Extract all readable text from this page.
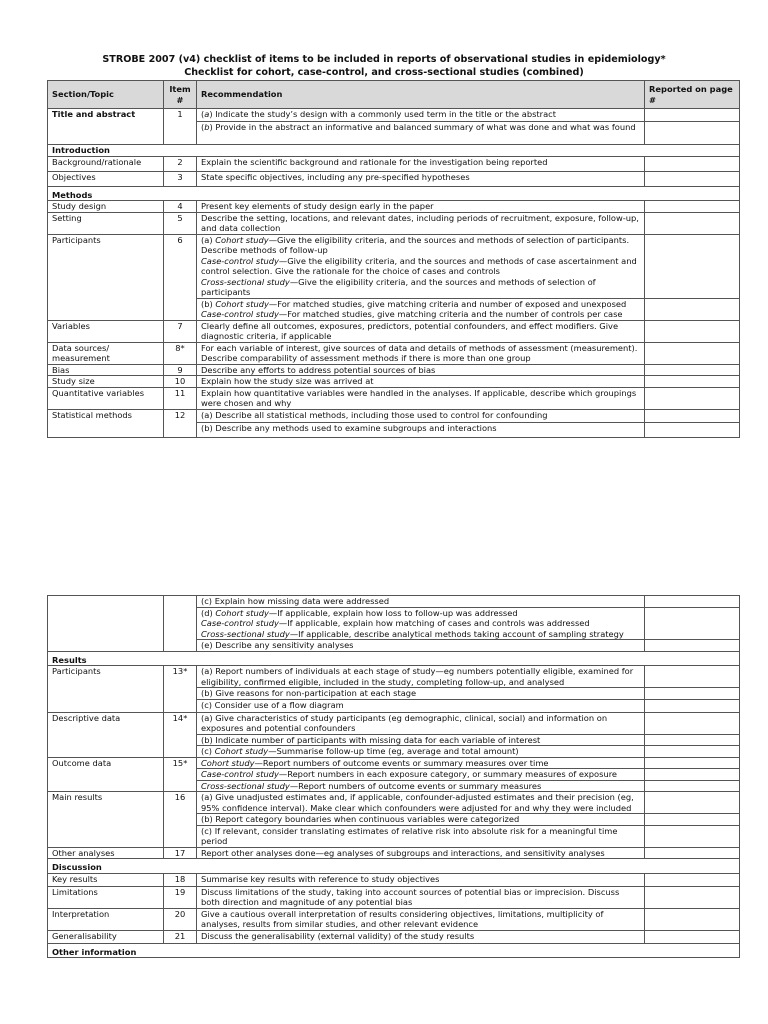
STROBE 2007 (v4) checklist of items to be included in reports of observational studies in epidemiology*
Checklist for cohort, case-control, and cross-sectional studies (combined)
Section/Topic	Item #	Recommendation	Reported on page #
Title and abstract	1	(a) Indicate the study’s design with a commonly used term in the title or the abstract	
		(b) Provide in the abstract an informative and balanced summary of what was done and what was found	
Introduction			
Background/rationale	2	Explain the scientific background and rationale for the investigation being reported	
Objectives	3	State specific objectives, including any pre-specified hypotheses	
Methods			
Study design	4	Present key elements of study design early in the paper	
Setting	5	Describe the setting, locations, and relevant dates, including periods of recruitment, exposure, follow-up, and data collection	
Participants	6	(a) Cohort study—Give the eligibility criteria, and the sources and methods of selection of participants. Describe methods of follow-up
Case-control study—Give the eligibility criteria, and the sources and methods of case ascertainment and control selection. Give the rationale for the choice of cases and controls
Cross-sectional study—Give the eligibility criteria, and the sources and methods of selection of participants	
		(b) Cohort study—For matched studies, give matching criteria and number of exposed and unexposed
Case-control study—For matched studies, give matching criteria and the number of controls per case	
Variables	7	Clearly define all outcomes, exposures, predictors, potential confounders, and effect modifiers. Give diagnostic criteria, if applicable	
Data sources/ measurement	8*	For each variable of interest, give sources of data and details of methods of assessment (measurement). Describe comparability of assessment methods if there is more than one group	
Bias	9	Describe any efforts to address potential sources of bias	
Study size	10	Explain how the study size was arrived at	
Quantitative variables	11	Explain how quantitative variables were handled in the analyses. If applicable, describe which groupings were chosen and why	
Statistical methods	12	(a) Describe all statistical methods, including those used to control for confounding	
		(b) Describe any methods used to examine subgroups and interactions	
		(c) Explain how missing data were addressed	
		(d) Cohort study—If applicable, explain how loss to follow-up was addressed
Case-control study—If applicable, explain how matching of cases and controls was addressed
Cross-sectional study—If applicable, describe analytical methods taking account of sampling strategy	
		(e) Describe any sensitivity analyses	
Results			
Participants	13*	(a) Report numbers of individuals at each stage of study—eg numbers potentially eligible, examined for eligibility, confirmed eligible, included in the study, completing follow-up, and analysed	
		(b) Give reasons for non-participation at each stage	
		(c) Consider use of a flow diagram	
Descriptive data	14*	(a) Give characteristics of study participants (eg demographic, clinical, social) and information on exposures and potential confounders	
		(b) Indicate number of participants with missing data for each variable of interest	
		(c) Cohort study—Summarise follow-up time (eg, average and total amount)	
Outcome data	15*	Cohort study—Report numbers of outcome events or summary measures over time	
		Case-control study—Report numbers in each exposure category, or summary measures of exposure	
		Cross-sectional study—Report numbers of outcome events or summary measures	
Main results	16	(a) Give unadjusted estimates and, if applicable, confounder-adjusted estimates and their precision (eg, 95% confidence interval). Make clear which confounders were adjusted for and why they were included	
		(b) Report category boundaries when continuous variables were categorized	
		(c) If relevant, consider translating estimates of relative risk into absolute risk for a meaningful time period	
Other analyses	17	Report other analyses done—eg analyses of subgroups and interactions, and sensitivity analyses	
Discussion			
Key results	18	Summarise key results with reference to study objectives	
Limitations	19	Discuss limitations of the study, taking into account sources of potential bias or imprecision. Discuss both direction and magnitude of any potential bias	
Interpretation	20	Give a cautious overall interpretation of results considering objectives, limitations, multiplicity of analyses, results from similar studies, and other relevant evidence	
Generalisability	21	Discuss the generalisability (external validity) of the study results	
Other information			
